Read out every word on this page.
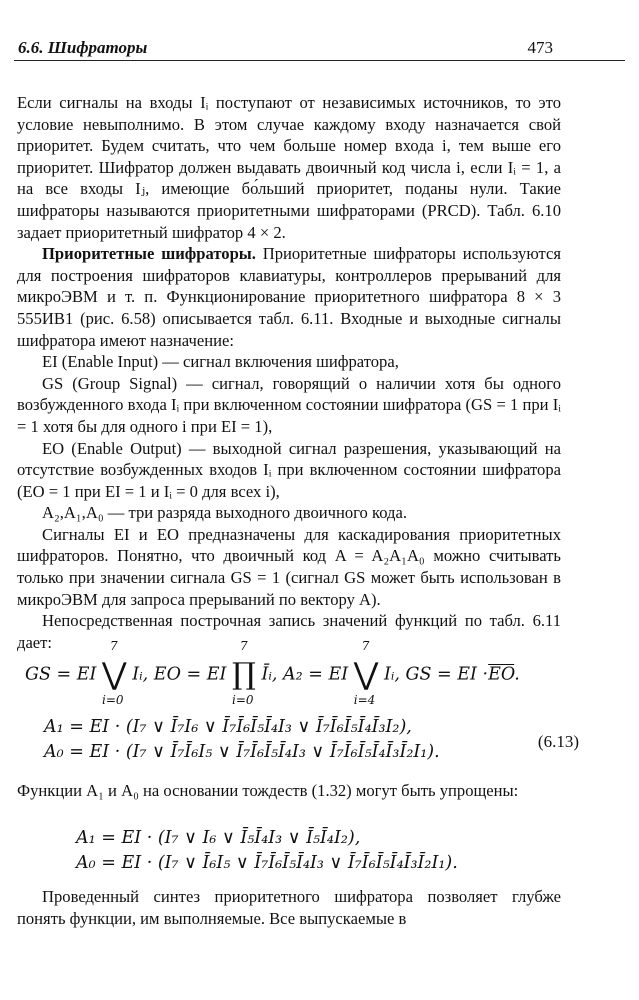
6.6. Шифраторы	473

Если сигналы на входы Iᵢ поступают от независимых источников, то это условие невыполнимо. В этом случае каждому входу назначается свой приоритет. Будем считать, что чем больше номер входа i, тем выше его приоритет. Шифратор должен выдавать двоичный код числа i, если Iᵢ = 1, а на все входы Iⱼ, имеющие бо́льший приоритет, поданы нули. Такие шифраторы называются приоритетными шифраторами (PRCD). Табл. 6.10 задает приоритетный шифратор 4 × 2.

Приоритетные шифраторы. Приоритетные шифраторы используются для построения шифраторов клавиатуры, контроллеров прерываний для микроЭВМ и т. п. Функционирование приоритетного шифратора 8 × 3 555ИВ1 (рис. 6.58) описывается табл. 6.11. Входные и выходные сигналы шифратора имеют назначение:

EI (Enable Input) — сигнал включения шифратора,

GS (Group Signal) — сигнал, говорящий о наличии хотя бы одного возбужденного входа Iᵢ при включенном состоянии шифратора (GS = 1 при Iᵢ = 1 хотя бы для одного i при EI = 1),

EO (Enable Output) — выходной сигнал разрешения, указывающий на отсутствие возбужденных входов Iᵢ при включенном состоянии шифратора (EO = 1 при EI = 1 и Iᵢ = 0 для всех i),

A₂,A₁,A₀ — три разряда выходного двоичного кода.

Сигналы EI и EO предназначены для каскадирования приоритетных шифраторов. Понятно, что двоичный код A = A₂A₁A₀ можно считывать только при значении сигнала GS = 1 (сигнал GS может быть использован в микроЭВМ для запроса прерываний по вектору A).

Непосредственная построчная запись значений функций по табл. 6.11 дает:

GS = EI ⋁
7
i=0
Iᵢ, EO = EI ∏
7
i=0
Īᵢ, A₂ = EI ⋁
7
i=4
Iᵢ, GS = EI $\cdot\overline{EO}$.
A₁ = EI · (I₇ ∨ Ī₇I₆ ∨ Ī₇Ī₆Ī₅Ī₄I₃ ∨ Ī₇Ī₆Ī₅Ī₄Ī₃I₂),
A₀ = EI · (I₇ ∨ Ī₇Ī₆I₅ ∨ Ī₇Ī₆Ī₅Ī₄I₃ ∨ Ī₇Ī₆Ī₅Ī₄Ī₃Ī₂I₁).
(6.13)

Функции A₁ и A₀ на основании тождеств (1.32) могут быть упрощены:

A₁ = EI · (I₇ ∨ I₆ ∨ Ī₅Ī₄I₃ ∨ Ī₅Ī₄I₂),
A₀ = EI · (I₇ ∨ Ī₆I₅ ∨ Ī₇Ī₆Ī₅Ī₄I₃ ∨ Ī₇Ī₆Ī₅Ī₄Ī₃Ī₂I₁).

Проведенный синтез приоритетного шифратора позволяет глубже понять функции, им выполняемые. Все выпускаемые в
